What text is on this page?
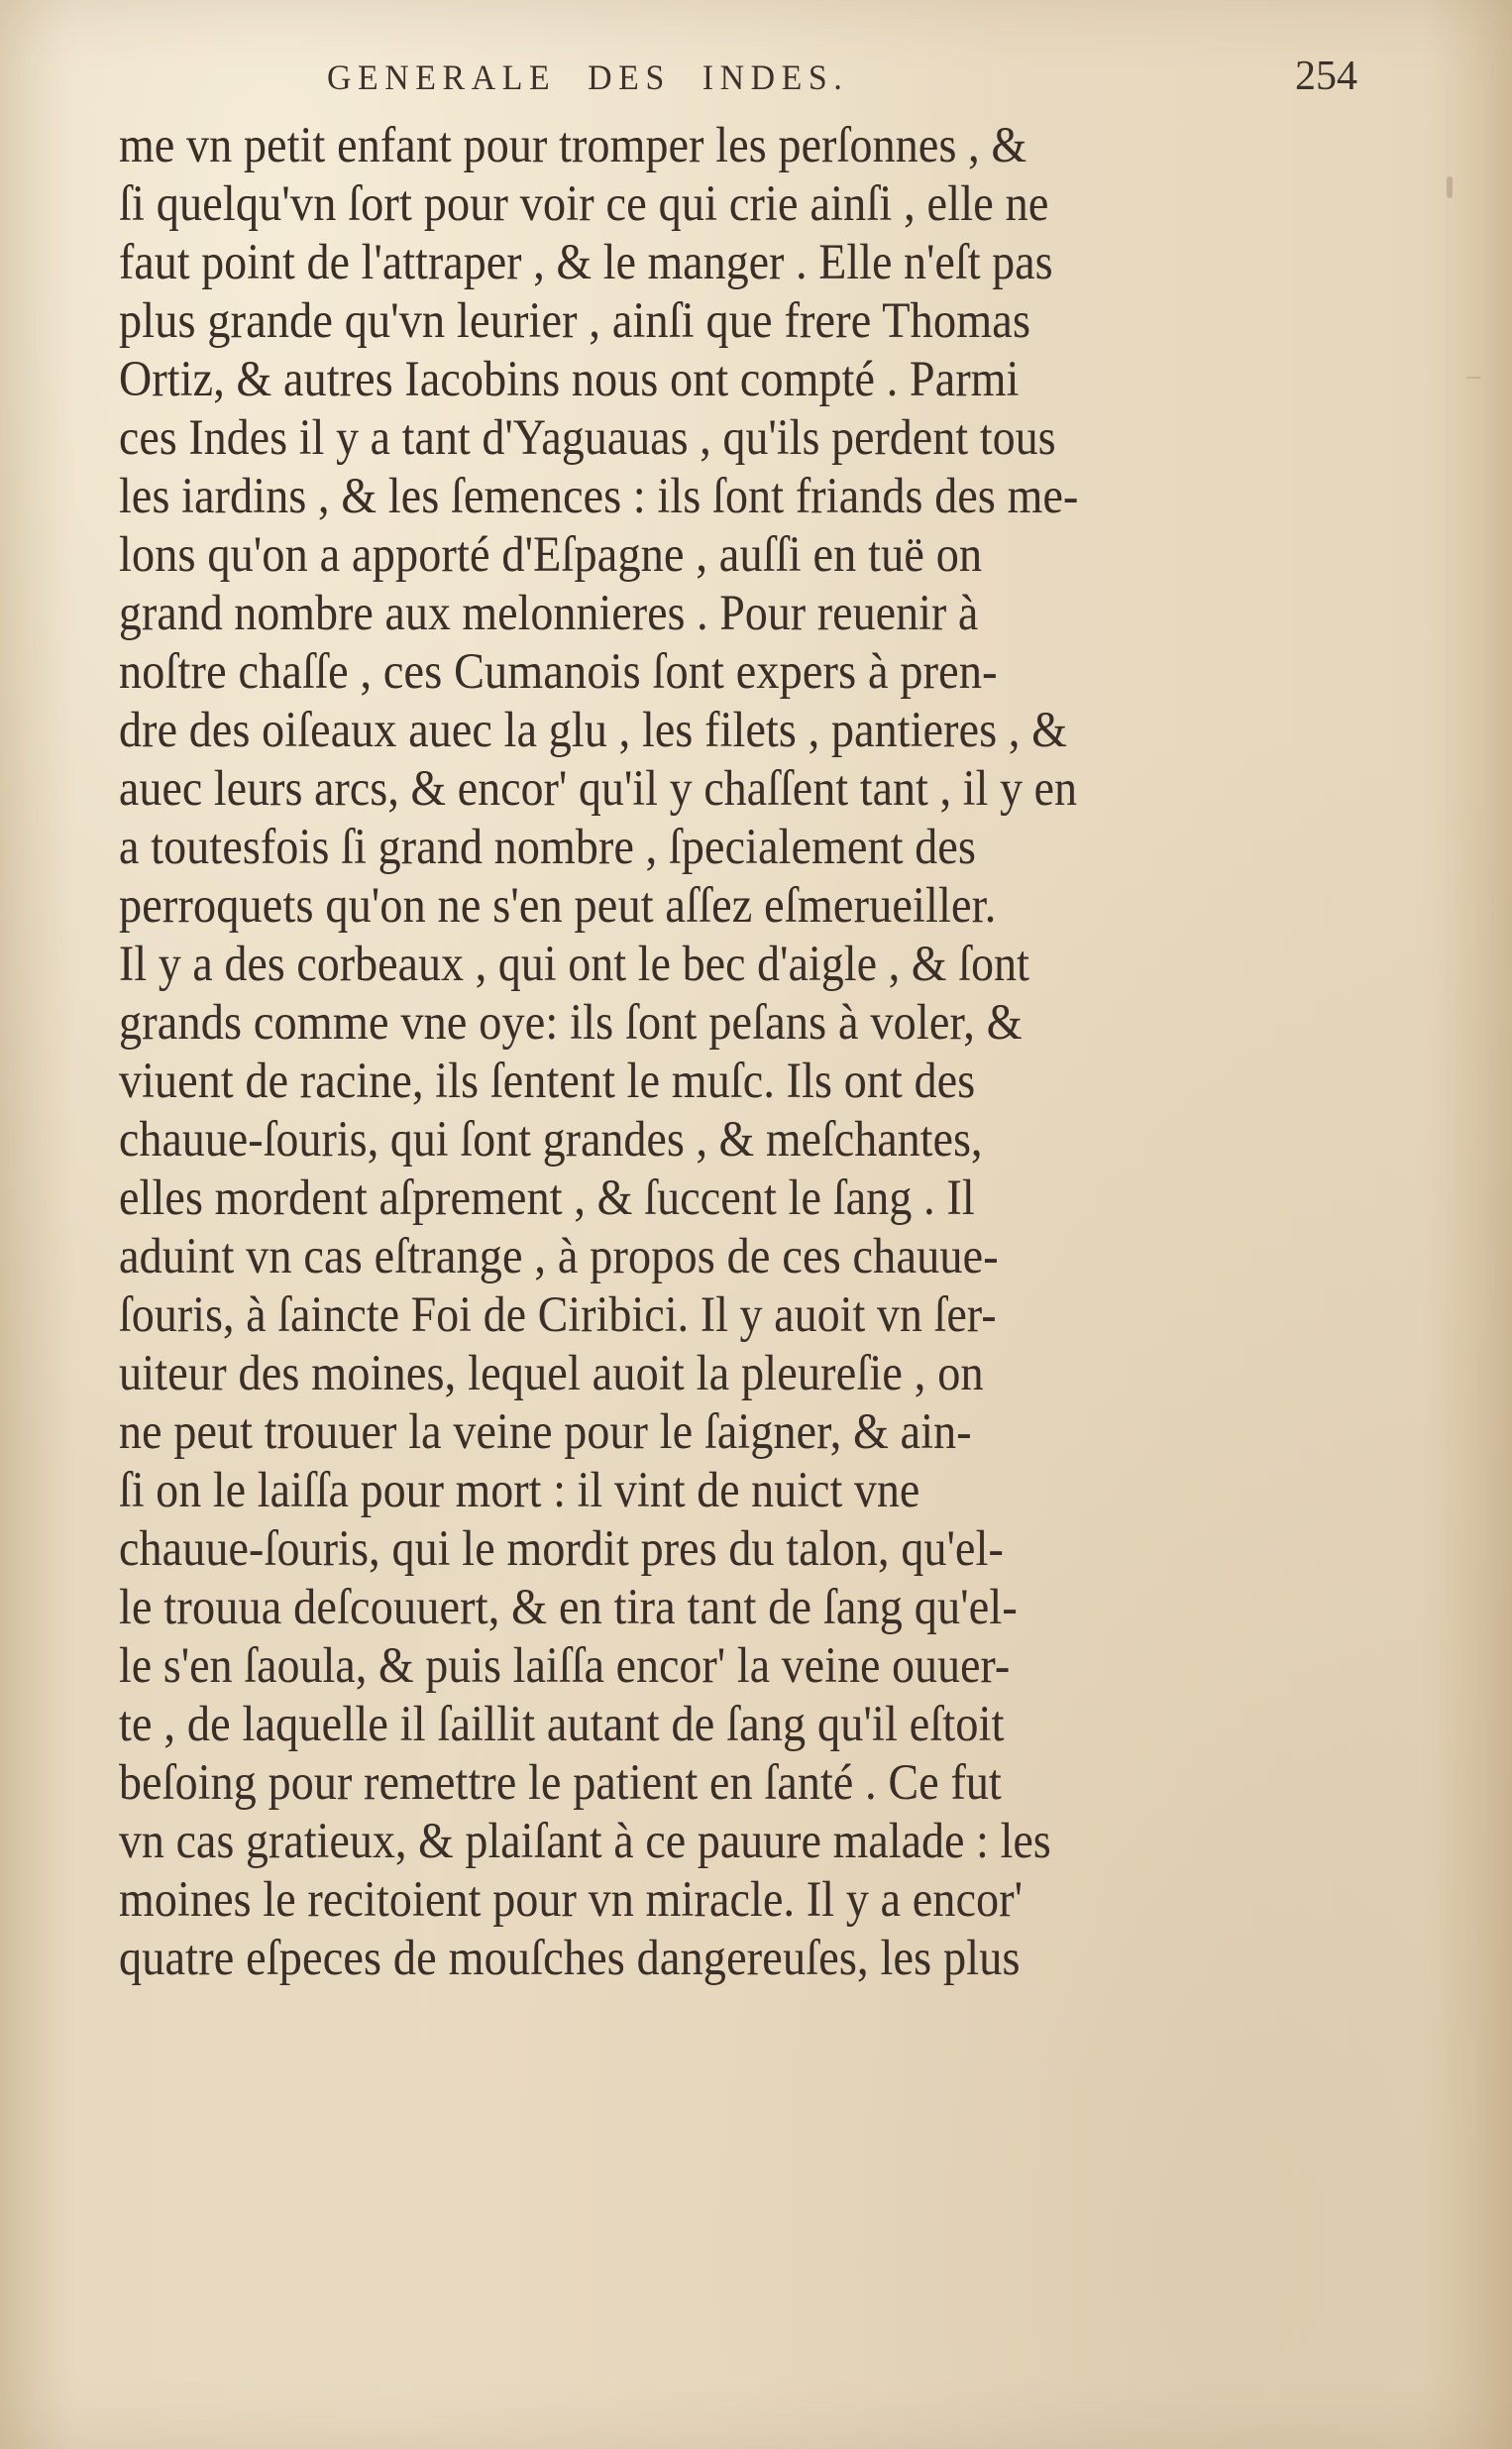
GENERALE DES INDES.	254
me vn petit enfant pour tromper les perſonnes , &
ſi quelqu'vn ſort pour voir ce qui crie ainſi , elle ne
faut point de l'attraper , & le manger . Elle n'eſt pas
plus grande qu'vn leurier , ainſi que frere Thomas
Ortiz, & autres Iacobins nous ont compté . Parmi
ces Indes il y a tant d'Yaguauas , qu'ils perdent tous
les iardins , & les ſemences : ils ſont friands des me-
lons qu'on a apporté d'Eſpagne , auſſi en tuë on
grand nombre aux melonnieres . Pour reuenir à
noſtre chaſſe , ces Cumanois ſont expers à pren-
dre des oiſeaux auec la glu , les filets , pantieres , &
auec leurs arcs, & encor' qu'il y chaſſent tant , il y en
a toutesfois ſi grand nombre , ſpecialement des
perroquets qu'on ne s'en peut aſſez eſmerueiller.
Il y a des corbeaux , qui ont le bec d'aigle , & ſont
grands comme vne oye: ils ſont peſans à voler, &
viuent de racine, ils ſentent le muſc. Ils ont des
chauue-ſouris, qui ſont grandes , & meſchantes,
elles mordent aſprement , & ſuccent le ſang . Il
aduint vn cas eſtrange , à propos de ces chauue-
ſouris, à ſaincte Foi de Ciribici. Il y auoit vn ſer-
uiteur des moines, lequel auoit la pleureſie , on
ne peut trouuer la veine pour le ſaigner, & ain-
ſi on le laiſſa pour mort : il vint de nuict vne
chauue-ſouris, qui le mordit pres du talon, qu'el-
le trouua deſcouuert, & en tira tant de ſang qu'el-
le s'en ſaoula, & puis laiſſa encor' la veine ouuer-
te , de laquelle il ſaillit autant de ſang qu'il eſtoit
beſoing pour remettre le patient en ſanté . Ce fut
vn cas gratieux, & plaiſant à ce pauure malade : les
moines le recitoient pour vn miracle. Il y a encor'
quatre eſpeces de mouſches dangereuſes, les plus
